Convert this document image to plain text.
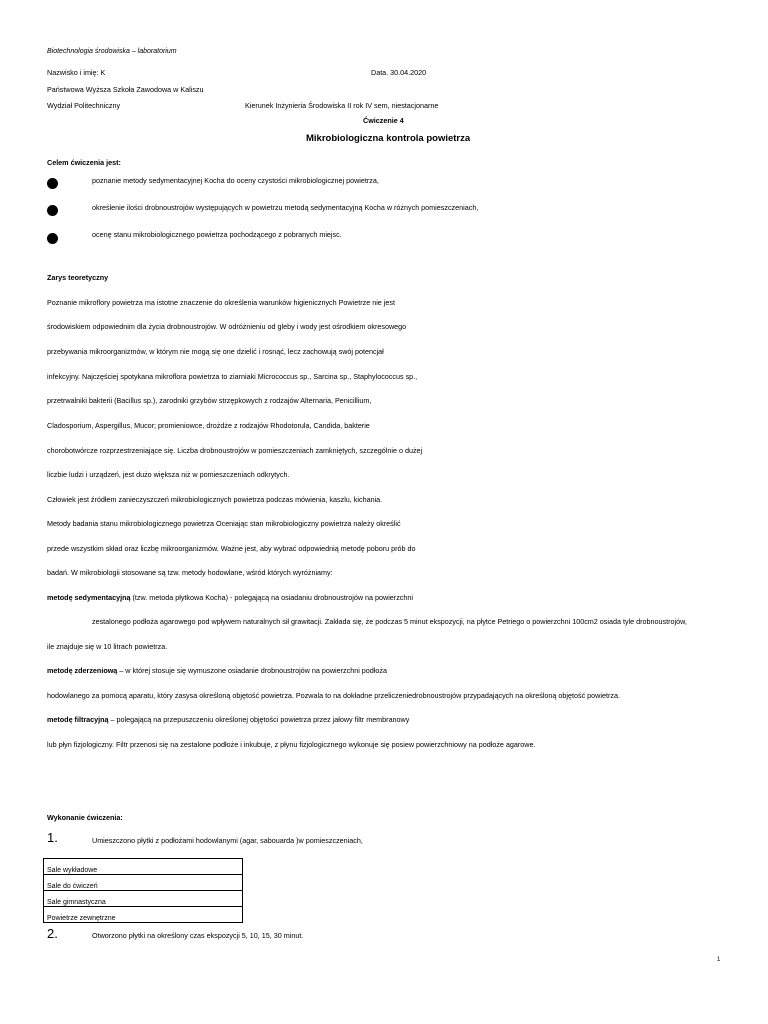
Biotechnologia środowiska – laboratorium
Nazwisko i imię: K	Data. 30.04.2020
Państwowa Wyższa Szkoła Zawodowa w Kaliszu
Wydział Politechniczny	Kierunek Inżynieria Środowiska II rok IV sem, niestacjonarne
Ćwiczenie 4
Mikrobiologiczna kontrola powietrza
Celem ćwiczenia jest:
poznanie metody sedymentacyjnej Kocha do oceny czystości mikrobiologicznej powietrza,
określenie ilości drobnoustrojów występujących w powietrzu metodą sedymentacyjną Kocha w różnych pomieszczeniach,
ocenę stanu mikrobiologicznego powietrza pochodzącego z pobranych miejsc.
Zarys teoretyczny
Poznanie mikroflory powietrza ma istotne znaczenie do określenia warunków higienicznych Powietrze nie jest
środowiskiem odpowiednim dla życia drobnoustrojów. W odróżnieniu od gleby i wody jest ośrodkiem okresowego
przebywania mikroorganizmów, w którym nie mogą się one dzielić i rosnąć, lecz zachowują swój potencjał
infekcyjny. Najczęściej spotykana mikroflora powietrza to ziarniaki Micrococcus sp., Sarcina sp., Staphylococcus sp.,
przetrwalniki bakterii (Bacillus sp.), zarodniki grzybów strzępkowych z rodzajów Alternaria, Penicillium,
Cladosporium, Aspergillus, Mucor; promieniowce, drożdże z rodzajów Rhodotorula, Candida, bakterie
chorobotwórcze rozprzestrzeniające się. Liczba drobnoustrojów w pomieszczeniach zamkniętych, szczególnie o dużej
liczbie ludzi i urządzeń, jest dużo większa niż w pomieszczeniach odkrytych.
Człowiek jest źródłem zanieczyszczeń mikrobiologicznych powietrza podczas mówienia, kaszlu, kichania.
Metody badania stanu mikrobiologicznego powietrza Oceniając stan mikrobiologiczny powietrza należy określić
przede wszystkim skład oraz liczbę mikroorganizmów. Ważne jest, aby wybrać odpowiednią metodę poboru prób do
badań. W mikrobiologii stosowane są tzw. metody hodowlane, wśród których wyróżniamy:
metodę sedymentacyjną (tzw. metoda płytkowa Kocha) - polegającą na osiadaniu drobnoustrojów na powierzchni
zestalonego podłoża agarowego pod wpływem naturalnych sił grawitacji. Zakłada się, że podczas 5 minut ekspozycji, na płytce Petriego o powierzchni 100cm2 osiada tyle drobnoustrojów,
ile znajduje się w 10 litrach powietrza.
metodę zderzeniową – w której stosuje się wymuszone osiadanie drobnoustrojów na powierzchni podłoża
hodowlanego za pomocą aparatu, który zasysa określoną objętość powietrza. Pozwala to na dokładne przeliczeniedrobnoustrojów przypadających na określoną objętość powietrza.
metodę filtracyjną – polegającą na przepuszczeniu określonej objętości powietrza przez jałowy filtr membranowy
lub płyn fizjologiczny. Filtr przenosi się na zestalone podłoże i inkubuje, z płynu fizjologicznego wykonuje się posiew powierzchniowy na podłoże agarowe.
Wykonanie ćwiczenia:
1.	Umieszczono płytki z podłożami hodowlanymi (agar, sabouarda )w pomieszczeniach,
Sale wykładowe
Sale do ćwiczeń
Sale gimnastyczna
Powietrze zewnętrzne
2.	Otworzono płytki na określony czas ekspozycji 5, 10, 15, 30 minut.
1
